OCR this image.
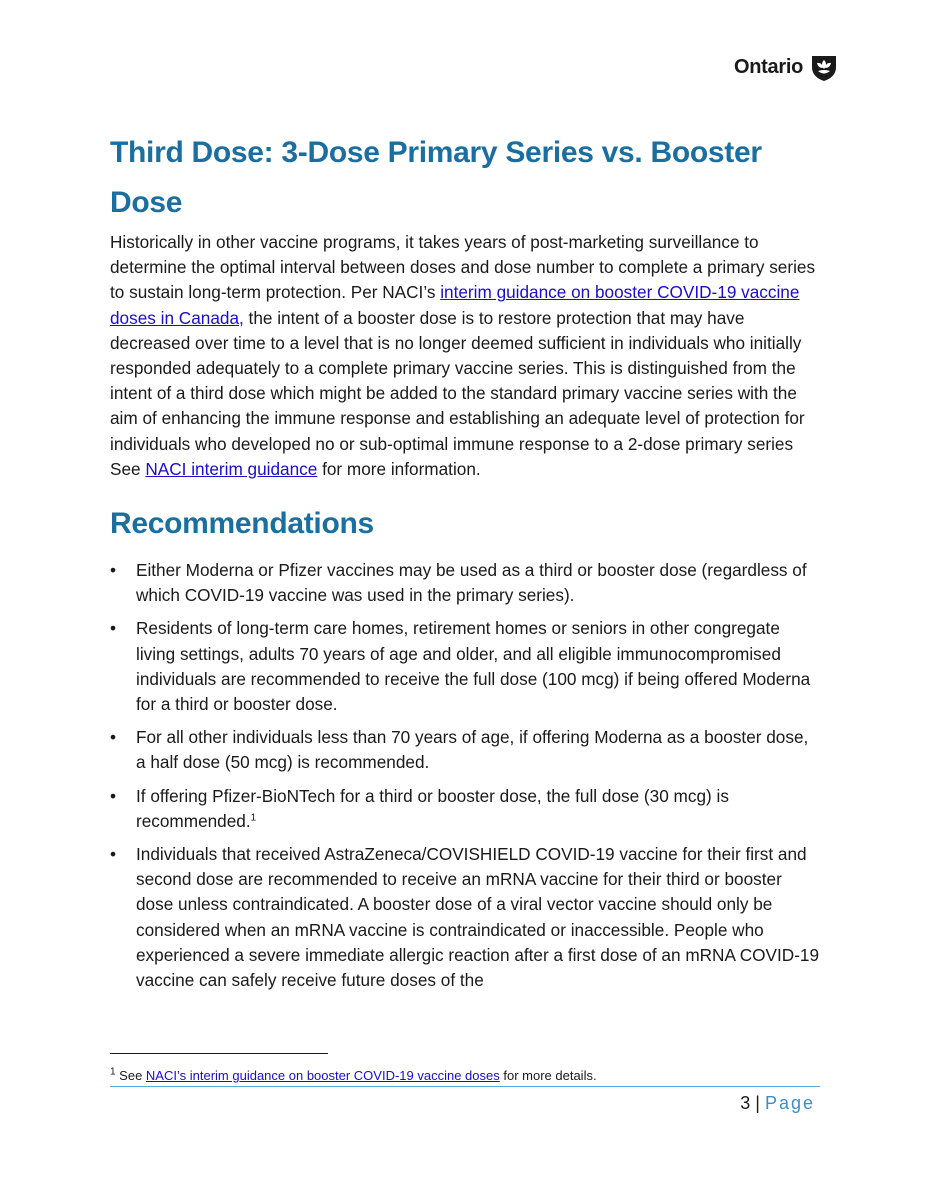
Ontario
Third Dose: 3-Dose Primary Series vs. Booster Dose

Historically in other vaccine programs, it takes years of post-marketing surveillance to determine the optimal interval between doses and dose number to complete a primary series to sustain long-term protection. Per NACI’s interim guidance on booster COVID-19 vaccine doses in Canada, the intent of a booster dose is to restore protection that may have decreased over time to a level that is no longer deemed sufficient in individuals who initially responded adequately to a complete primary vaccine series. This is distinguished from the intent of a third dose which might be added to the standard primary vaccine series with the aim of enhancing the immune response and establishing an adequate level of protection for individuals who developed no or sub-optimal immune response to a 2-dose primary series See NACI interim guidance for more information.

Recommendations
• Either Moderna or Pfizer vaccines may be used as a third or booster dose (regardless of which COVID-19 vaccine was used in the primary series).
• Residents of long-term care homes, retirement homes or seniors in other congregate living settings, adults 70 years of age and older, and all eligible immunocompromised individuals are recommended to receive the full dose (100 mcg) if being offered Moderna for a third or booster dose.
• For all other individuals less than 70 years of age, if offering Moderna as a booster dose, a half dose (50 mcg) is recommended.
• If offering Pfizer-BioNTech for a third or booster dose, the full dose (30 mcg) is recommended.$^1$
• Individuals that received AstraZeneca/COVISHIELD COVID-19 vaccine for their first and second dose are recommended to receive an mRNA vaccine for their third or booster dose unless contraindicated. A booster dose of a viral vector vaccine should only be considered when an mRNA vaccine is contraindicated or inaccessible. People who experienced a severe immediate allergic reaction after a first dose of an mRNA COVID-19 vaccine can safely receive future doses of the
$^1$ See NACI’s interim guidance on booster COVID-19 vaccine doses for more details.
3 | Page
